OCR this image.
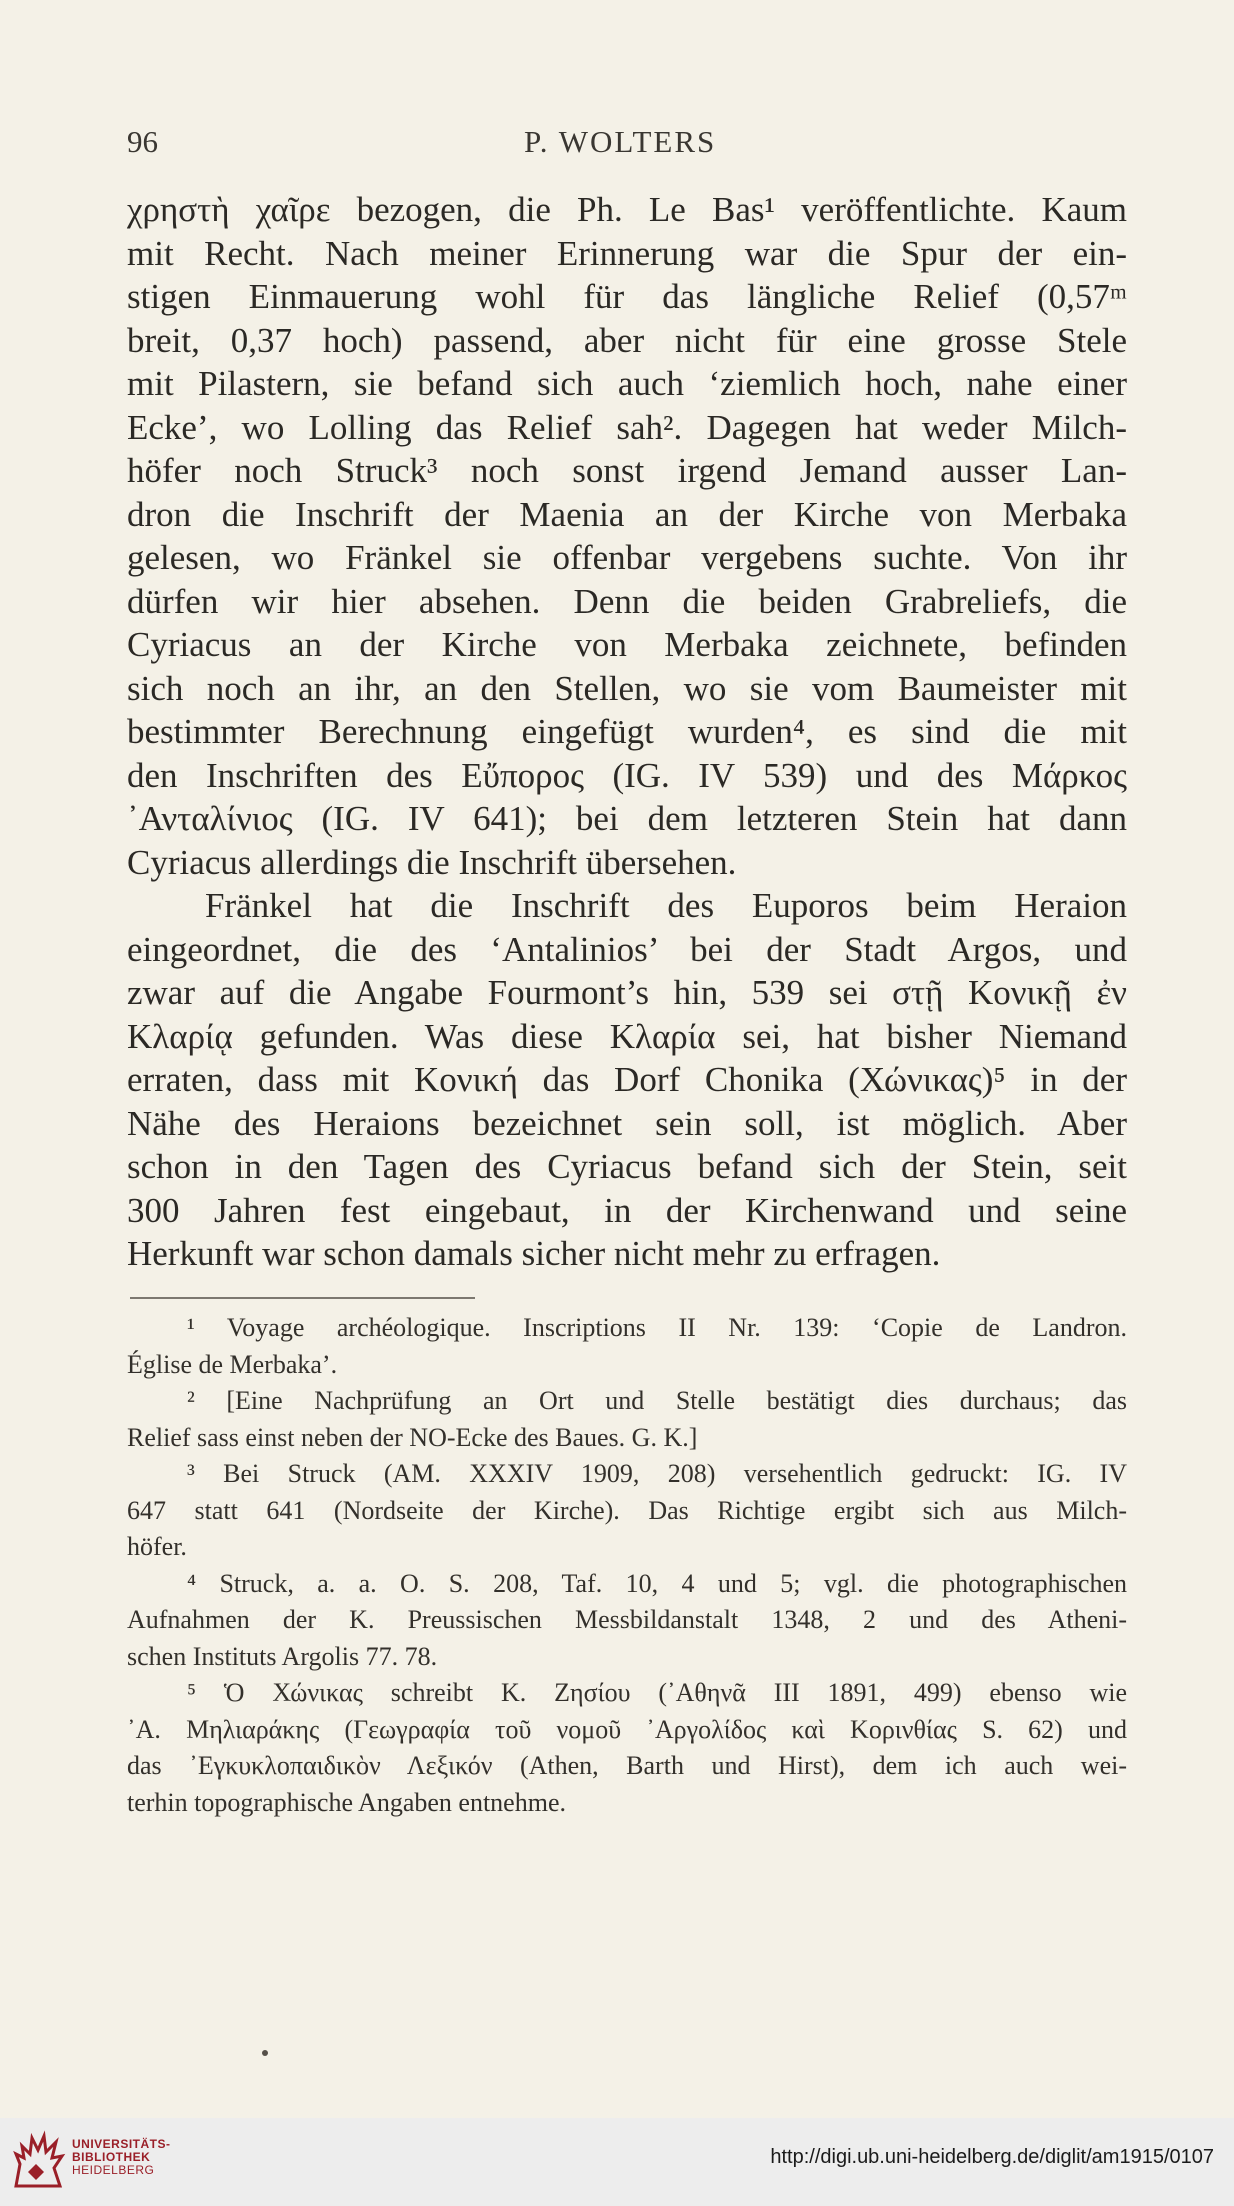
96	P. WOLTERS
χρηστὴ χαῖρε bezogen, die Ph. Le Bas¹ veröffentlichte. Kaum
mit Recht. Nach meiner Erinnerung war die Spur der ein-
stigen Einmauerung wohl für das längliche Relief (0,57ᵐ
breit, 0,37 hoch) passend, aber nicht für eine grosse Stele
mit Pilastern, sie befand sich auch ‘ziemlich hoch, nahe einer
Ecke’, wo Lolling das Relief sah². Dagegen hat weder Milch-
höfer noch Struck³ noch sonst irgend Jemand ausser Lan-
dron die Inschrift der Maenia an der Kirche von Merbaka
gelesen, wo Fränkel sie offenbar vergebens suchte. Von ihr
dürfen wir hier absehen. Denn die beiden Grabreliefs, die
Cyriacus an der Kirche von Merbaka zeichnete, befinden
sich noch an ihr, an den Stellen, wo sie vom Baumeister mit
bestimmter Berechnung eingefügt wurden⁴, es sind die mit
den Inschriften des Εὔπορος (IG. IV 539) und des Μάρκος
᾿Ανταλίνιος (IG. IV 641); bei dem letzteren Stein hat dann
Cyriacus allerdings die Inschrift übersehen.
Fränkel hat die Inschrift des Euporos beim Heraion
eingeordnet, die des ‘Antalinios’ bei der Stadt Argos, und
zwar auf die Angabe Fourmont’s hin, 539 sei στῇ Κονικῇ ἐν
Κλαρίᾳ gefunden. Was diese Κλαρία sei, hat bisher Niemand
erraten, dass mit Κονική das Dorf Chonika (Χώνικας)⁵ in der
Nähe des Heraions bezeichnet sein soll, ist möglich. Aber
schon in den Tagen des Cyriacus befand sich der Stein, seit
300 Jahren fest eingebaut, in der Kirchenwand und seine
Herkunft war schon damals sicher nicht mehr zu erfragen.
¹ Voyage archéologique. Inscriptions II Nr. 139: ‘Copie de Landron.
Église de Merbaka’.
² [Eine Nachprüfung an Ort und Stelle bestätigt dies durchaus; das
Relief sass einst neben der NO-Ecke des Baues. G. K.]
³ Bei Struck (AM. XXXIV 1909, 208) versehentlich gedruckt: IG. IV
647 statt 641 (Nordseite der Kirche). Das Richtige ergibt sich aus Milch-
höfer.
⁴ Struck, a. a. O. S. 208, Taf. 10, 4 und 5; vgl. die photographischen
Aufnahmen der K. Preussischen Messbildanstalt 1348, 2 und des Atheni-
schen Instituts Argolis 77. 78.
⁵ Ὁ Χώνικας schreibt K. Ζησίου (᾿Αθηνᾶ III 1891, 499) ebenso wie
᾿Α. Μηλιαράκης (Γεωγραφία τοῦ νομοῦ ᾿Αργολίδος καὶ Κορινθίας S. 62) und
das ᾿Εγκυκλοπαιδικὸν Λεξικόν (Athen, Barth und Hirst), dem ich auch wei-
terhin topographische Angaben entnehme.
UNIVERSITÄTS-
BIBLIOTHEK
HEIDELBERG
http://digi.ub.uni-heidelberg.de/diglit/am1915/0107
